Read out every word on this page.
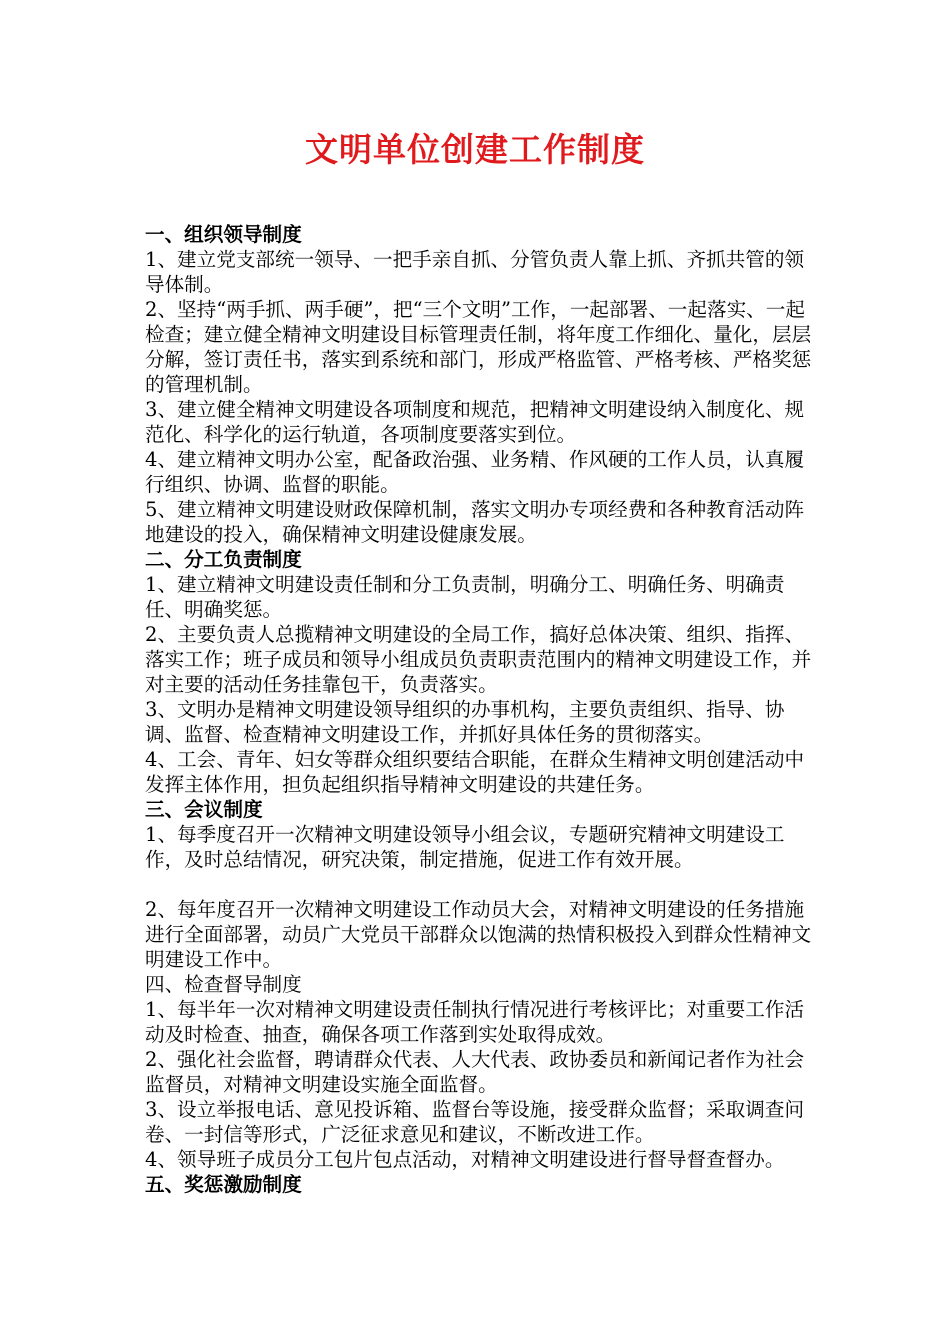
文明单位创建工作制度

一、组织领导制度

1、建立党支部统一领导、一把手亲自抓、分管负责人靠上抓、齐抓共管的领导体制。

2、坚持“两手抓、两手硬”，把“三个文明”工作，一起部署、一起落实、一起检查；建立健全精神文明建设目标管理责任制，将年度工作细化、量化，层层分解，签订责任书，落实到系统和部门，形成严格监管、严格考核、严格奖惩的管理机制。

3、建立健全精神文明建设各项制度和规范，把精神文明建设纳入制度化、规范化、科学化的运行轨道，各项制度要落实到位。

4、建立精神文明办公室，配备政治强、业务精、作风硬的工作人员，认真履行组织、协调、监督的职能。

5、建立精神文明建设财政保障机制，落实文明办专项经费和各种教育活动阵地建设的投入，确保精神文明建设健康发展。

二、分工负责制度

1、建立精神文明建设责任制和分工负责制，明确分工、明确任务、明确责任、明确奖惩。

2、主要负责人总揽精神文明建设的全局工作，搞好总体决策、组织、指挥、落实工作；班子成员和领导小组成员负责职责范围内的精神文明建设工作，并对主要的活动任务挂靠包干，负责落实。

3、文明办是精神文明建设领导组织的办事机构，主要负责组织、指导、协调、监督、检查精神文明建设工作，并抓好具体任务的贯彻落实。

4、工会、青年、妇女等群众组织要结合职能，在群众生精神文明创建活动中发挥主体作用，担负起组织指导精神文明建设的共建任务。

三、会议制度

1、每季度召开一次精神文明建设领导小组会议，专题研究精神文明建设工作，及时总结情况，研究决策，制定措施，促进工作有效开展。

2、每年度召开一次精神文明建设工作动员大会，对精神文明建设的任务措施进行全面部署，动员广大党员干部群众以饱满的热情积极投入到群众性精神文明建设工作中。

四、检查督导制度

1、每半年一次对精神文明建设责任制执行情况进行考核评比；对重要工作活动及时检查、抽查，确保各项工作落到实处取得成效。

2、强化社会监督，聘请群众代表、人大代表、政协委员和新闻记者作为社会监督员，对精神文明建设实施全面监督。

3、设立举报电话、意见投诉箱、监督台等设施，接受群众监督；采取调查问卷、一封信等形式，广泛征求意见和建议，不断改进工作。

4、领导班子成员分工包片包点活动，对精神文明建设进行督导督查督办。

五、奖惩激励制度
